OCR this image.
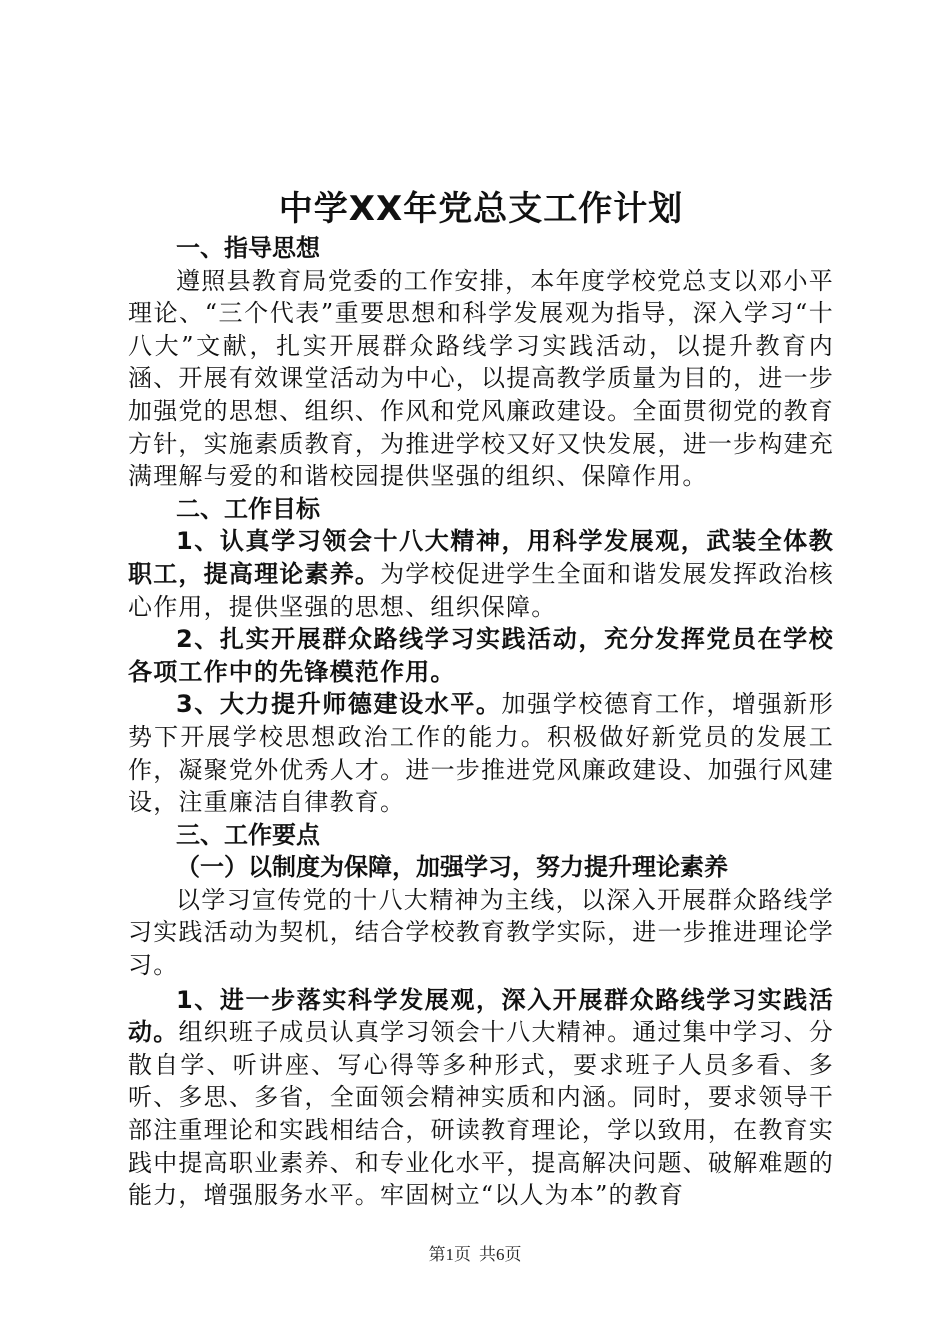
中学XX年党总支工作计划

一、指导思想

遵照县教育局党委的工作安排，本年度学校党总支以邓小平理论、“三个代表”重要思想和科学发展观为指导，深入学习“十八大”文献，扎实开展群众路线学习实践活动，以提升教育内涵、开展有效课堂活动为中心，以提高教学质量为目的，进一步加强党的思想、组织、作风和党风廉政建设。全面贯彻党的教育方针，实施素质教育，为推进学校又好又快发展，进一步构建充满理解与爱的和谐校园提供坚强的组织、保障作用。

二、工作目标

1、认真学习领会十八大精神，用科学发展观，武装全体教职工，提高理论素养。为学校促进学生全面和谐发展发挥政治核心作用，提供坚强的思想、组织保障。

2、扎实开展群众路线学习实践活动，充分发挥党员在学校各项工作中的先锋模范作用。

3、大力提升师德建设水平。加强学校德育工作，增强新形势下开展学校思想政治工作的能力。积极做好新党员的发展工作，凝聚党外优秀人才。进一步推进党风廉政建设、加强行风建设，注重廉洁自律教育。

三、工作要点

（一）以制度为保障，加强学习，努力提升理论素养

以学习宣传党的十八大精神为主线，以深入开展群众路线学习实践活动为契机，结合学校教育教学实际，进一步推进理论学习。

1、进一步落实科学发展观，深入开展群众路线学习实践活动。组织班子成员认真学习领会十八大精神。通过集中学习、分散自学、听讲座、写心得等多种形式，要求班子人员多看、多听、多思、多省，全面领会精神实质和内涵。同时，要求领导干部注重理论和实践相结合，研读教育理论，学以致用，在教育实践中提高职业素养、和专业化水平，提高解决问题、破解难题的能力，增强服务水平。牢固树立“以人为本”的教育

第1页 共6页
